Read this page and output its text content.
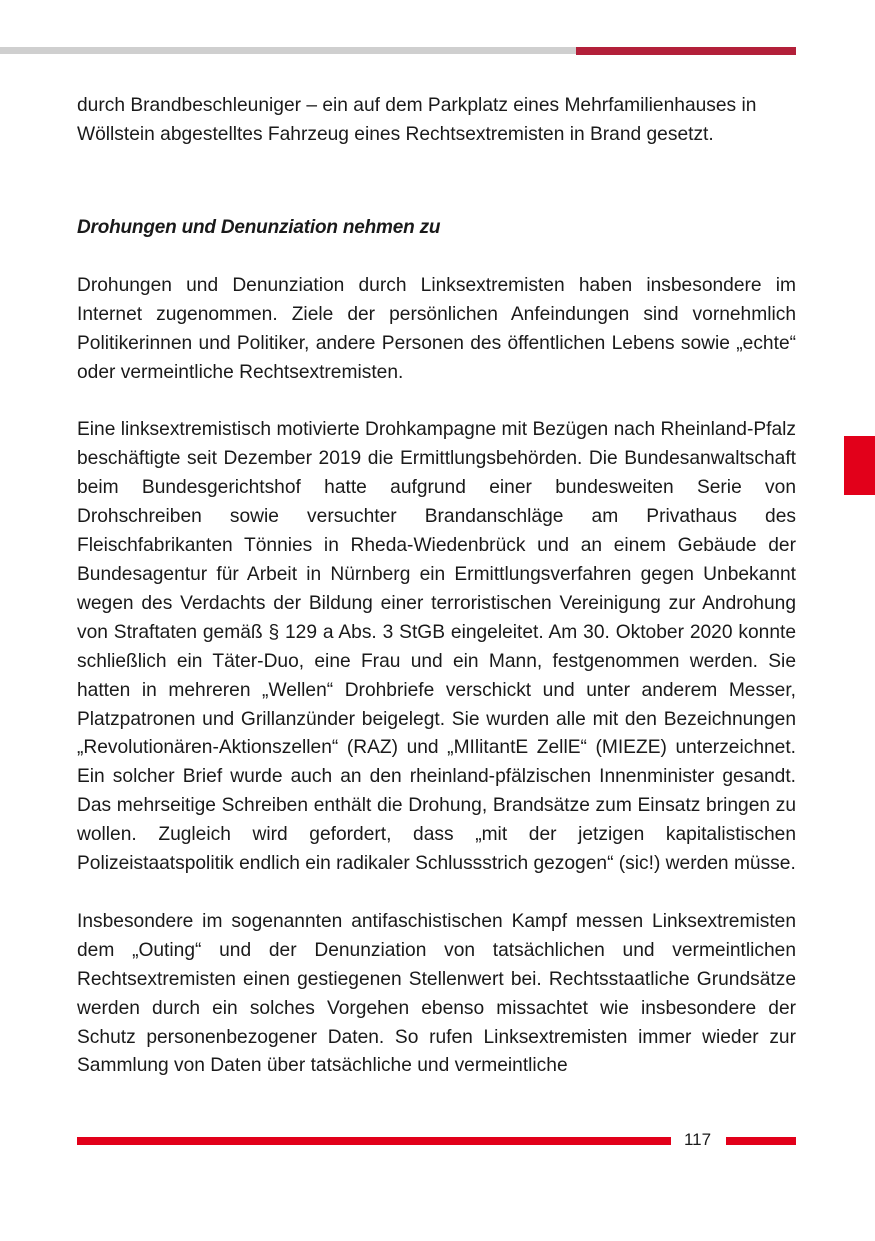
durch Brandbeschleuniger – ein auf dem Parkplatz eines Mehrfamilienhauses in Wöllstein abgestelltes Fahrzeug eines Rechtsextremisten in Brand gesetzt.

Drohungen und Denunziation nehmen zu

Drohungen und Denunziation durch Linksextremisten haben insbesondere im Internet zugenommen. Ziele der persönlichen Anfeindungen sind vornehmlich Politikerinnen und Politiker, andere Personen des öffentlichen Lebens sowie „echte“ oder vermeintliche Rechtsextremisten.

Eine linksextremistisch motivierte Drohkampagne mit Bezügen nach Rheinland-Pfalz beschäftigte seit Dezember 2019 die Ermittlungsbehörden. Die Bundesanwaltschaft beim Bundesgerichtshof hatte aufgrund einer bundesweiten Serie von Drohschreiben sowie versuchter Brandanschläge am Privathaus des Fleischfabrikanten Tönnies in Rheda-Wiedenbrück und an einem Gebäude der Bundesagentur für Arbeit in Nürnberg ein Ermittlungsverfahren gegen Unbekannt wegen des Verdachts der Bildung einer terroristischen Vereinigung zur Androhung von Straftaten gemäß § 129 a Abs. 3 StGB eingeleitet. Am 30. Oktober 2020 konnte schließlich ein Täter-Duo, eine Frau und ein Mann, festgenommen werden. Sie hatten in mehreren „Wellen“ Drohbriefe verschickt und unter anderem Messer, Platzpatronen und Grillanzünder beigelegt. Sie wurden alle mit den Bezeichnungen „Revolutionären-Aktionszellen“ (RAZ) und „MIlitantE ZellE“ (MIEZE) unterzeichnet. Ein solcher Brief wurde auch an den rheinland-pfälzischen Innenminister gesandt. Das mehrseitige Schreiben enthält die Drohung, Brandsätze zum Einsatz bringen zu wollen. Zugleich wird gefordert, dass „mit der jetzigen kapitalistischen Polizeistaatspolitik endlich ein radikaler Schlussstrich gezogen“ (sic!) werden müsse.

Insbesondere im sogenannten antifaschistischen Kampf messen Linksextremisten dem „Outing“ und der Denunziation von tatsächlichen und vermeintlichen Rechtsextremisten einen gestiegenen Stellenwert bei. Rechtsstaatliche Grundsätze werden durch ein solches Vorgehen ebenso missachtet wie insbesondere der Schutz personenbezogener Daten. So rufen Linksextremisten immer wieder zur Sammlung von Daten über tatsächliche und vermeintliche

117
